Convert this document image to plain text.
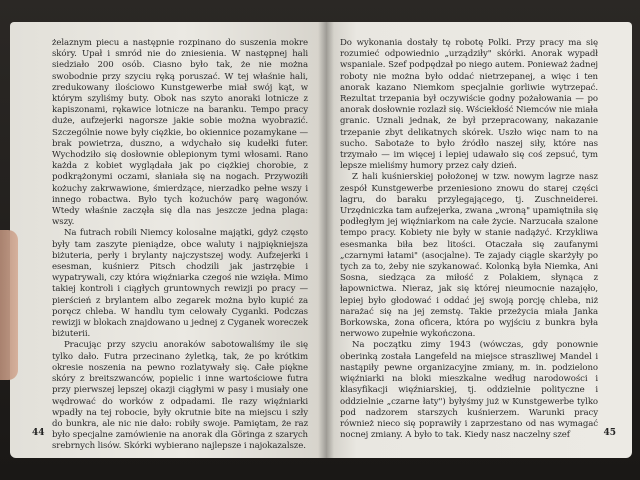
żelaznym piecu a następnie rozpinano do suszenia mokre skóry. Upał i smród nie do zniesienia. W następnej hali siedziało 200 osób. Ciasno było tak, że nie można swobodnie przy szyciu ręką poruszać. W tej właśnie hali, zredukowany ilościowo Kunstgewerbe miał swój kąt, w którym szyliśmy buty. Obok nas szyto anoraki lotnicze z kapiszonami, rękawice lotnicze na baranku. Tempo pracy duże, aufzejerki nagorsze jakie sobie można wyobrazić. Szczególnie nowe były ciężkie, bo okiennice pozamykane — brak powietrza, duszno, a wdychało się kudełki futer. Wychodziło się dosłownie oblepionym tymi włosami. Rano każda z kobiet wyglądała jak po ciężkiej chorobie, z podkrążonymi oczami, słaniała się na nogach. Przywoziłi kożuchy zakrwawione, śmierdzące, nierzadko pełne wszy i innego robactwa. Było tych kożuchów parę wagonów. Wtedy właśnie zaczęła się dla nas jeszcze jedna plaga: wszy.

Na futrach robili Niemcy kolosalne majątki, gdyż często były tam zaszyte pieniądze, obce waluty i najpiękniejsza biżuteria, perły i brylanty najczystszej wody. Aufzejerki i esesman, kuśnierz Pitsch chodzili jak jastrzębie i wypatrywali, czy która więźniarka czegoś nie wzięła. Mimo takiej kontroli i ciągłych gruntownych rewizji po pracy — pierścień z brylantem albo zegarek można było kupić za poręcz chleba. W handlu tym celowały Cyganki. Podczas rewizji w blokach znajdowano u jednej z Cyganek woreczek biżuterii.

Pracując przy szyciu anoraków sabotowaliśmy ile się tylko dało. Futra przecinano żyletką, tak, że po krótkim okresie noszenia na pewno rozlatywały się. Całe piękne skóry z breitszwanców, popielic i inne wartościowe futra przy pierwszej lepszej okazji ciągłymi w pasy i musiały one wędrować do worków z odpadami. Ile razy więźniarki wpadły na tej robocie, były okrutnie bite na miejscu i szły do bunkra, ale nic nie dało: robiły swoje. Pamiętam, że raz było specjalne zamówienie na anorak dla Göringa z szarych srebrnych lisów. Skórki wybierano najlepsze i najokazalsze.

44

Do wykonania dostały tę robotę Polki. Przy pracy ma się rozumieć odpowiednio „urządziły" skórki. Anorak wypadł wspaniale. Szef podpędzał po niego autem. Ponieważ żadnej roboty nie można było oddać nietrzepanej, a więc i ten anorak kazano Niemkom specjalnie gorliwie wytrzepać. Rezultat trzepania był oczywiście godny pożałowania — po anorak dosłownie rozlazł się. Wściekłość Niemców nie miała granic. Uznali jednak, że był przepracowany, nakazanie trzepanie zbyt delikatnych skórek. Uszło więc nam to na sucho. Sabotaże to było źródło naszej siły, które nas trzymało — im więcej i lepiej udawało się coś zepsuć, tym lepsze mieliśmy humory przez cały dzień.

Z hali kuśnierskiej położonej w tzw. nowym lagrze nasz zespół Kunstgewerbe przeniesiono znowu do starej części lagru, do baraku przylegającego, tj. Zuschneiderei. Urzędniczka tam aufzejerka, zwana „wroną" upamiętniła się podłegłym jej więźniarkom na całe życie. Narzucała szalone tempo pracy. Kobiety nie były w stanie nadążyć. Krzykliwa esesmanka biła bez litości. Otaczała się zaufanymi „czarnymi łatami" (asocjalne). Te zajady ciągle skarżyły po tych za to, żeby nie szykanować. Kolonką była Niemka, Ani Sosna, siedząca za miłość z Polakiem, słynąca z łapownictwa. Nieraz, jak się której nieumocnie nazajęło, lepiej było głodować i oddać jej swoją porcję chleba, niż narażać się na jej zemstę. Takie przeżycia miała Janka Borkowska, żona oficera, która po wyjściu z bunkra była nerwowo zupełnie wykończona.

Na początku zimy 1943 (wówczas, gdy ponownie oberinką została Langefeld na miejsce straszliwej Mandel i nastąpiły pewne organizacyjne zmiany, m. in. podzielono więźniarki na bloki mieszkalne według narodowości i klasyfikacji więźniarskiej, tj. oddzielnie polityczne i oddzielnie „czarne łaty") byłyśmy już w Kunstgewerbe tylko pod nadzorem starszych kuśnierzem. Warunki pracy również nieco się poprawiły i zaprzestano od nas wymagać nocnej zmiany. A było to tak. Kiedy nasz naczelny szef	45
